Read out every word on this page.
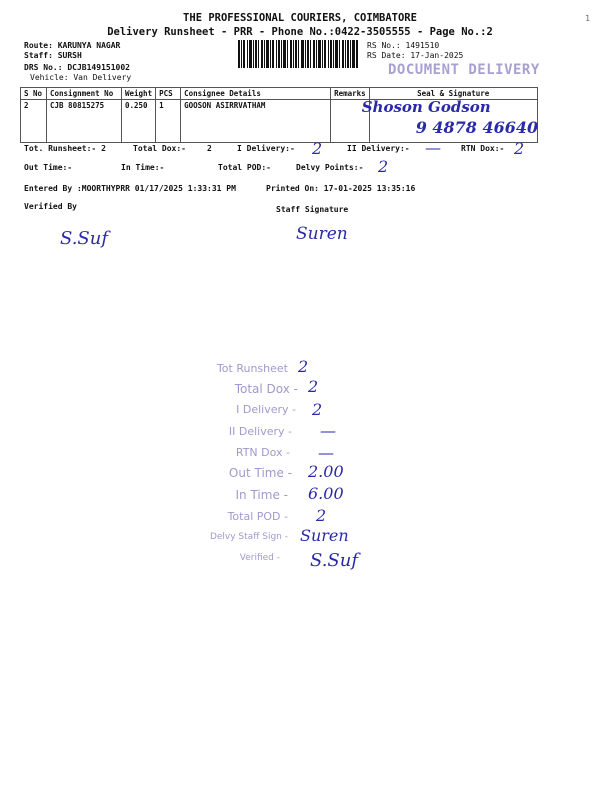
1
THE PROFESSIONAL COURIERS, COIMBATORE
Delivery Runsheet - PRR - Phone No.:0422-3505555 - Page No.:2
Route: KARUNYA NAGAR
Staff: SURSH
DRS No.: DCJB149151002
Vehicle: Van Delivery
RS No.: 1491510
RS Date: 17-Jan-2025
DOCUMENT DELIVERY
S No	Consignment No	Weight	PCS	Consignee Details	Remarks	Seal & Signature
2	CJB 80815275	0.250	1	GOOSON ASIRRVATHAM		Shoson Godson
9 4878 46640
Tot. Runsheet:- 2	Total Dox:-	2	I Delivery:- 2	II Delivery:- —	RTN Dox:- 2
Out Time:-	In Time:-	Total POD:-	Delvy Points:- 2
Entered By :MOORTHYPRR 01/17/2025 1:33:31 PM	Printed On: 17-01-2025 13:35:16
Verified By	Staff Signature
S.Suf	Suren
Tot Runsheet 2
Total Dox - 2
I Delivery - 2
II Delivery - —
RTN Dox - —
Out Time - 2.00
In Time - 6.00
Total POD - 2
Delvy Staff Sign - Suren
Verified - S.Suf
